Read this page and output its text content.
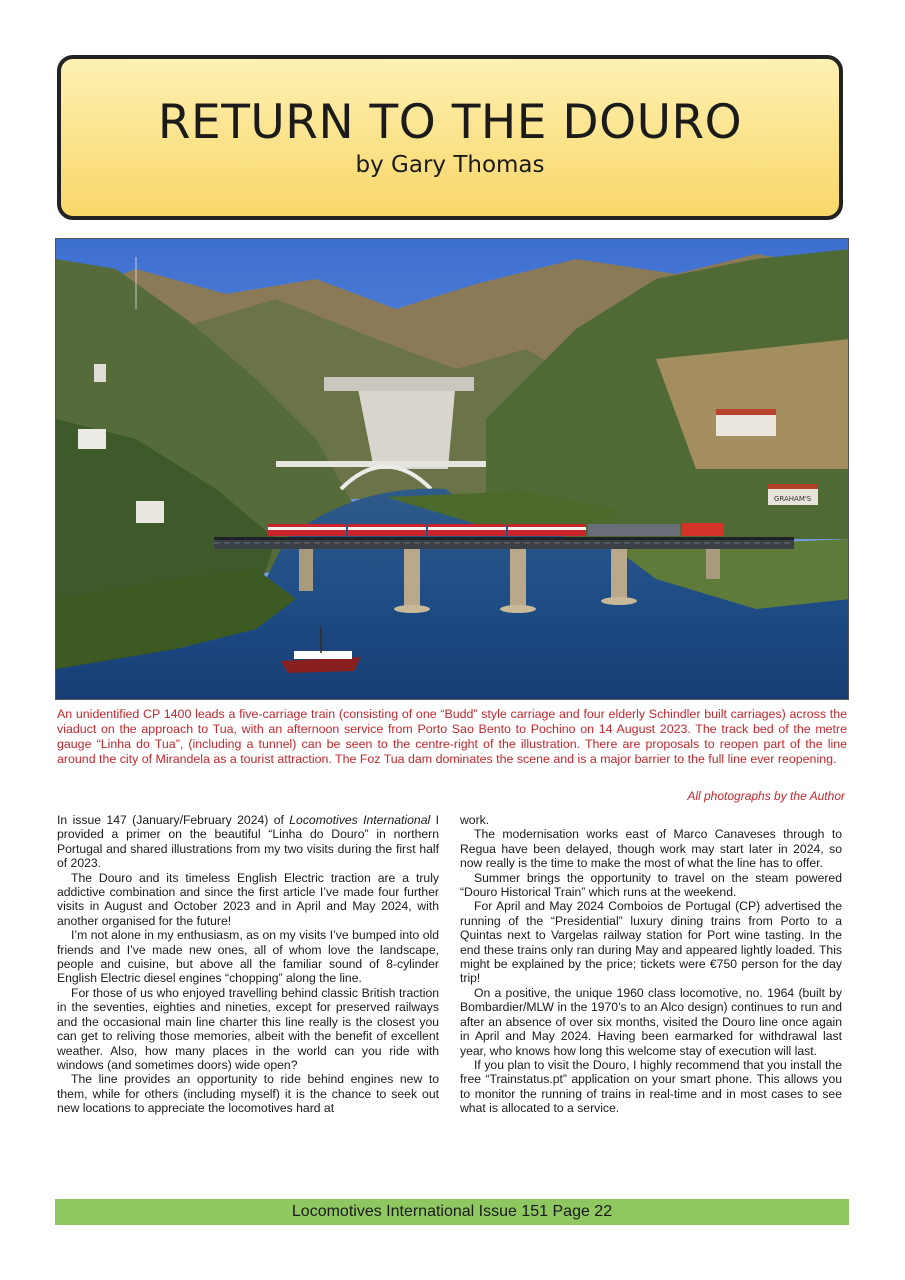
RETURN TO THE DOURO
by Gary Thomas
GRAHAM'S
An unidentified CP 1400 leads a five-carriage train (consisting of one “Budd” style carriage and four elderly Schindler built carriages) across the viaduct on the approach to Tua, with an afternoon service from Porto Sao Bento to Pochino on 14 August 2023. The track bed of the metre gauge “Linha do Tua”, (including a tunnel) can be seen to the centre-right of the illustration. There are proposals to reopen part of the line around the city of Mirandela as a tourist attraction. The Foz Tua dam dominates the scene and is a major barrier to the full line ever reopening.
All photographs by the Author

In issue 147 (January/February 2024) of Locomotives International I provided a primer on the beautiful “Linha do Douro” in northern Portugal and shared illustrations from my two visits during the first half of 2023.

The Douro and its timeless English Electric traction are a truly addictive combination and since the first article I’ve made four further visits in August and October 2023 and in April and May 2024, with another organised for the future!

I’m not alone in my enthusiasm, as on my visits I’ve bumped into old friends and I’ve made new ones, all of whom love the landscape, people and cuisine, but above all the familiar sound of 8-cylinder English Electric diesel engines “chopping” along the line.

For those of us who enjoyed travelling behind classic British traction in the seventies, eighties and nineties, except for preserved railways and the occasional main line charter this line really is the closest you can get to reliving those memories, albeit with the benefit of excellent weather. Also, how many places in the world can you ride with windows (and sometimes doors) wide open?

The line provides an opportunity to ride behind engines new to them, while for others (including myself) it is the chance to seek out new locations to appreciate the locomotives hard at

work.

The modernisation works east of Marco Canaveses through to Regua have been delayed, though work may start later in 2024, so now really is the time to make the most of what the line has to offer.

Summer brings the opportunity to travel on the steam powered “Douro Historical Train” which runs at the weekend.

For April and May 2024 Comboios de Portugal (CP) advertised the running of the “Presidential” luxury dining trains from Porto to a Quintas next to Vargelas railway station for Port wine tasting. In the end these trains only ran during May and appeared lightly loaded. This might be explained by the price; tickets were €750 person for the day trip!

On a positive, the unique 1960 class locomotive, no. 1964 (built by Bombardier/MLW in the 1970’s to an Alco design) continues to run and after an absence of over six months, visited the Douro line once again in April and May 2024. Having been earmarked for withdrawal last year, who knows how long this welcome stay of execution will last.

If you plan to visit the Douro, I highly recommend that you install the free “Trainstatus.pt” application on your smart phone. This allows you to monitor the running of trains in real-time and in most cases to see what is allocated to a service.

Locomotives International Issue 151 Page 22
